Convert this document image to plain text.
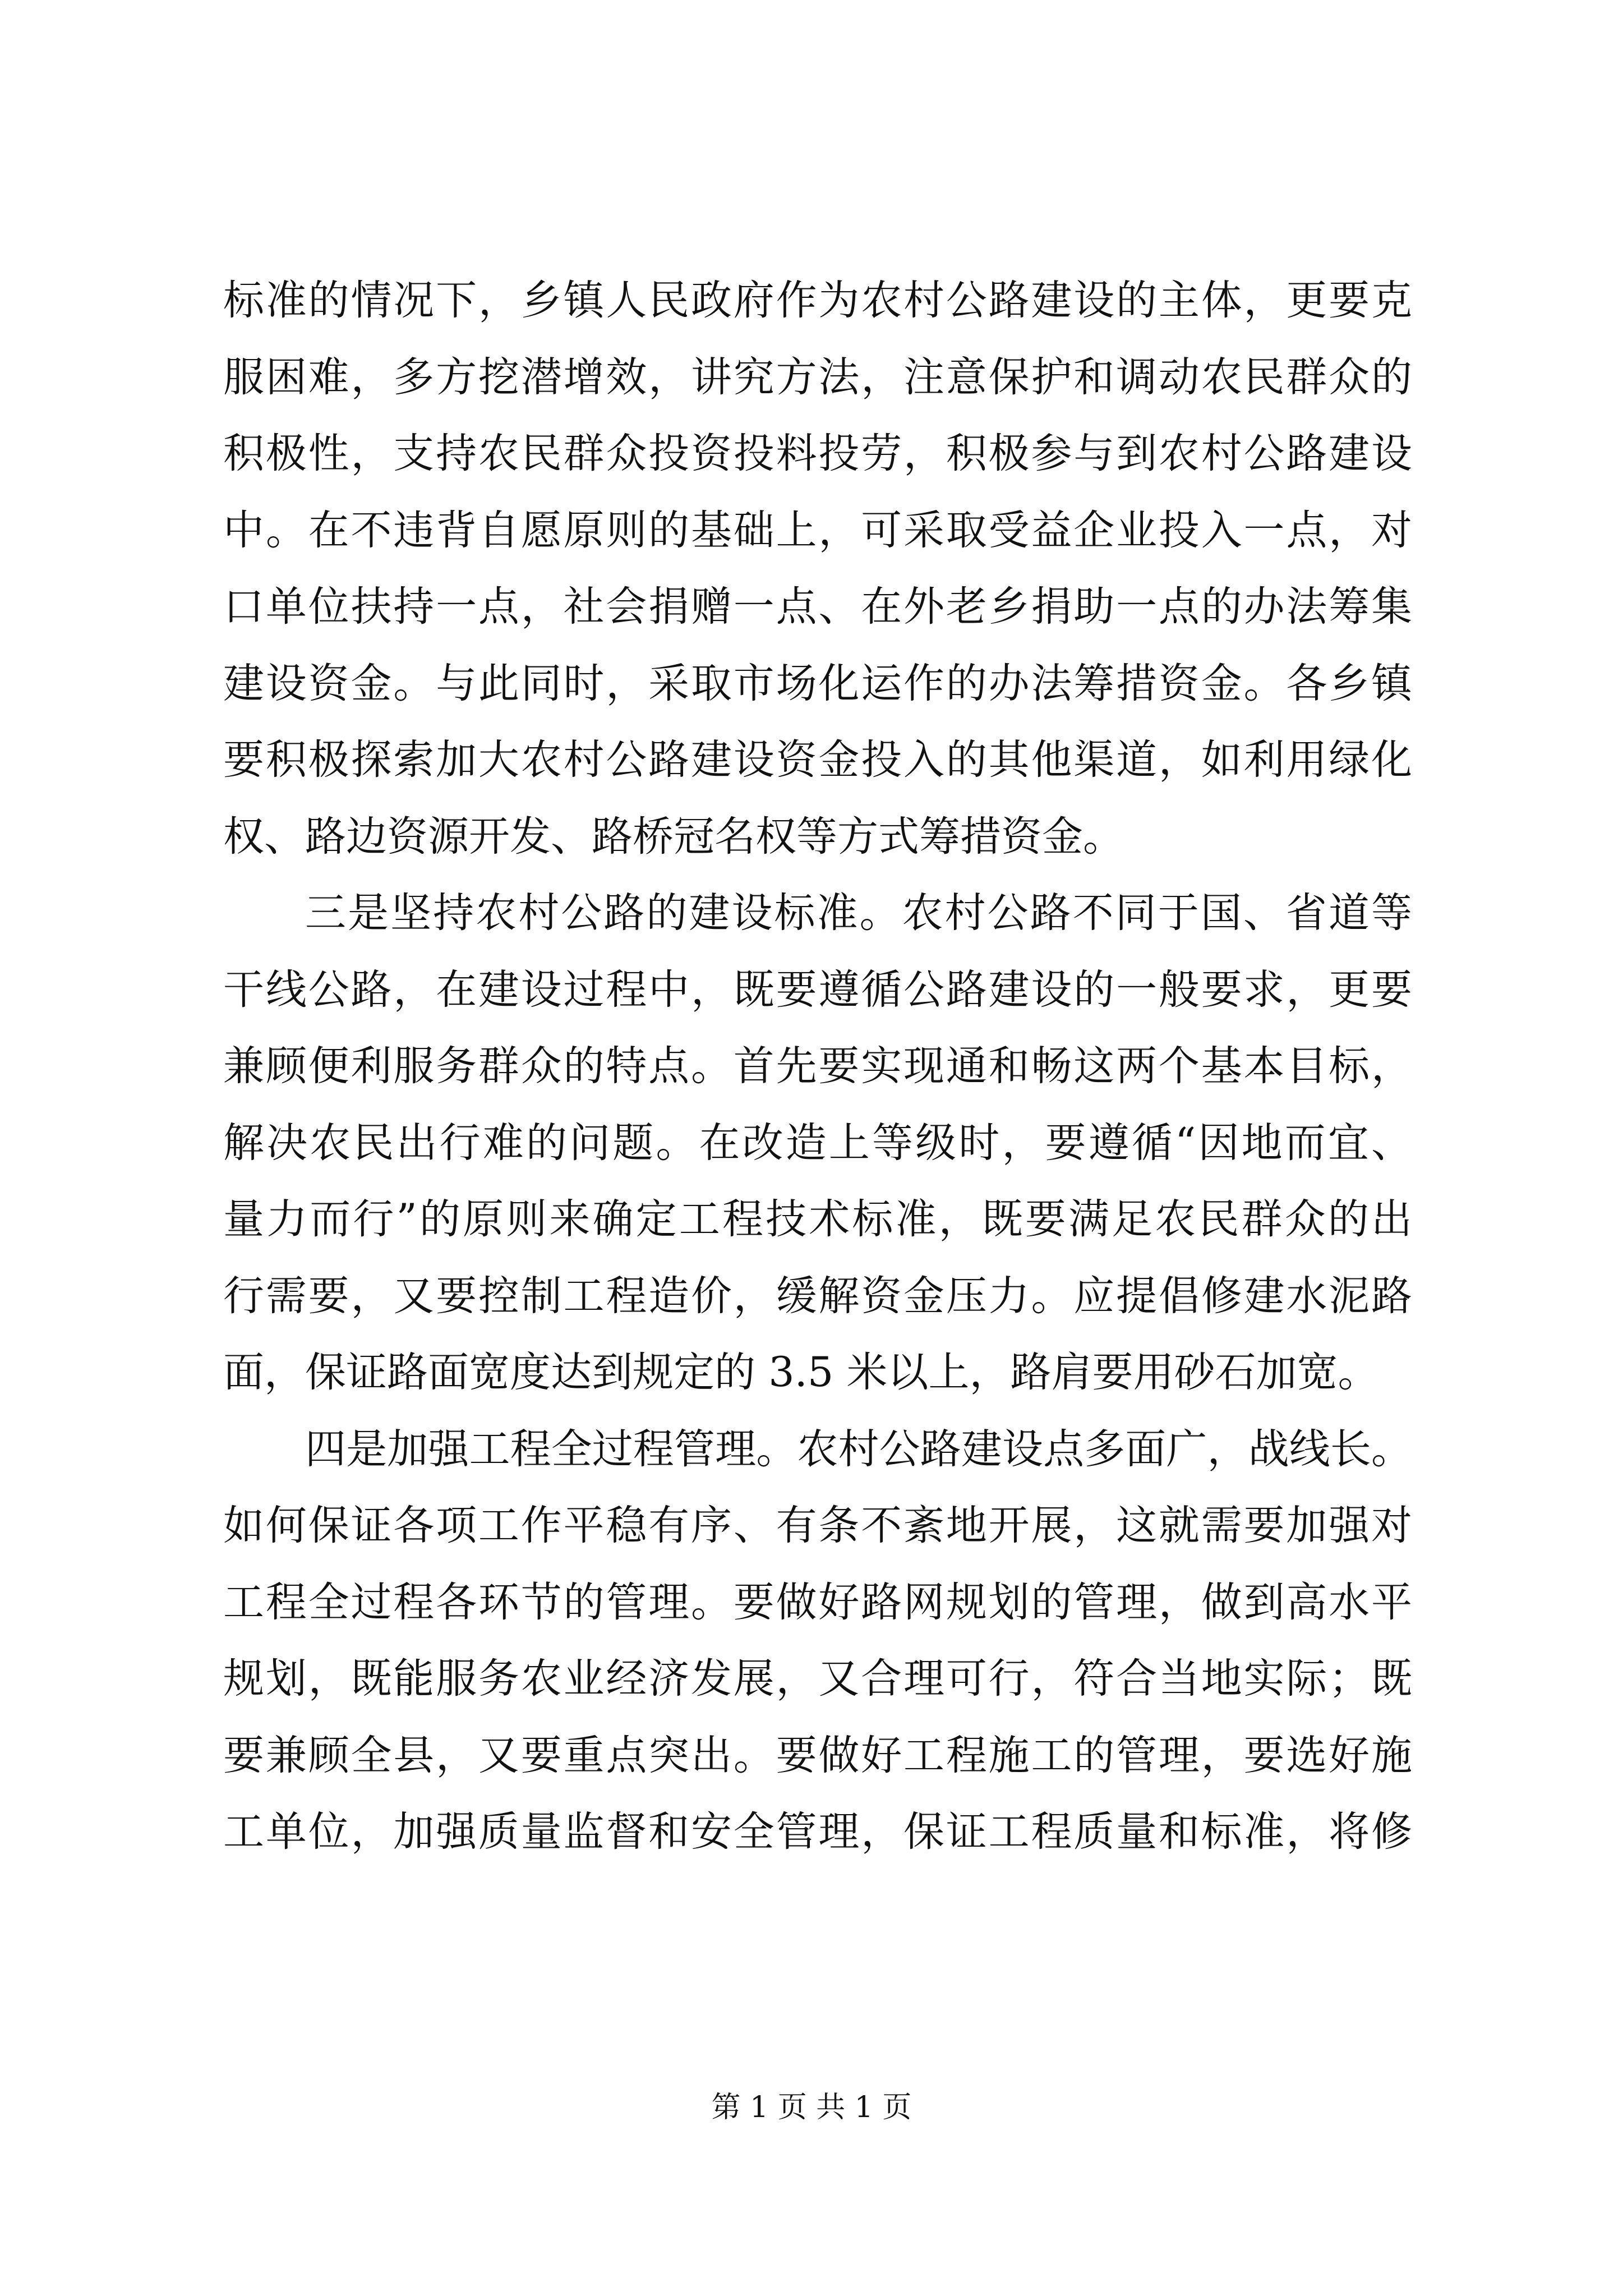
标准的情况下，乡镇人民政府作为农村公路建设的主体，更要克
服困难，多方挖潜增效，讲究方法，注意保护和调动农民群众的
积极性，支持农民群众投资投料投劳，积极参与到农村公路建设
中。在不违背自愿原则的基础上，可采取受益企业投入一点，对
口单位扶持一点，社会捐赠一点、在外老乡捐助一点的办法筹集
建设资金。与此同时，采取市场化运作的办法筹措资金。各乡镇
要积极探索加大农村公路建设资金投入的其他渠道，如利用绿化
权、路边资源开发、路桥冠名权等方式筹措资金。
三是坚持农村公路的建设标准。农村公路不同于国、省道等
干线公路，在建设过程中，既要遵循公路建设的一般要求，更要
兼顾便利服务群众的特点。首先要实现通和畅这两个基本目标，
解决农民出行难的问题。在改造上等级时，要遵循“因地而宜、
量力而行”的原则来确定工程技术标准，既要满足农民群众的出
行需要，又要控制工程造价，缓解资金压力。应提倡修建水泥路
面，保证路面宽度达到规定的 3.5 米以上，路肩要用砂石加宽。
四是加强工程全过程管理。农村公路建设点多面广，战线长。
如何保证各项工作平稳有序、有条不紊地开展，这就需要加强对
工程全过程各环节的管理。要做好路网规划的管理，做到高水平
规划，既能服务农业经济发展，又合理可行，符合当地实际；既
要兼顾全县，又要重点突出。要做好工程施工的管理，要选好施
工单位，加强质量监督和安全管理，保证工程质量和标准，将修
第 1 页 共 1 页
